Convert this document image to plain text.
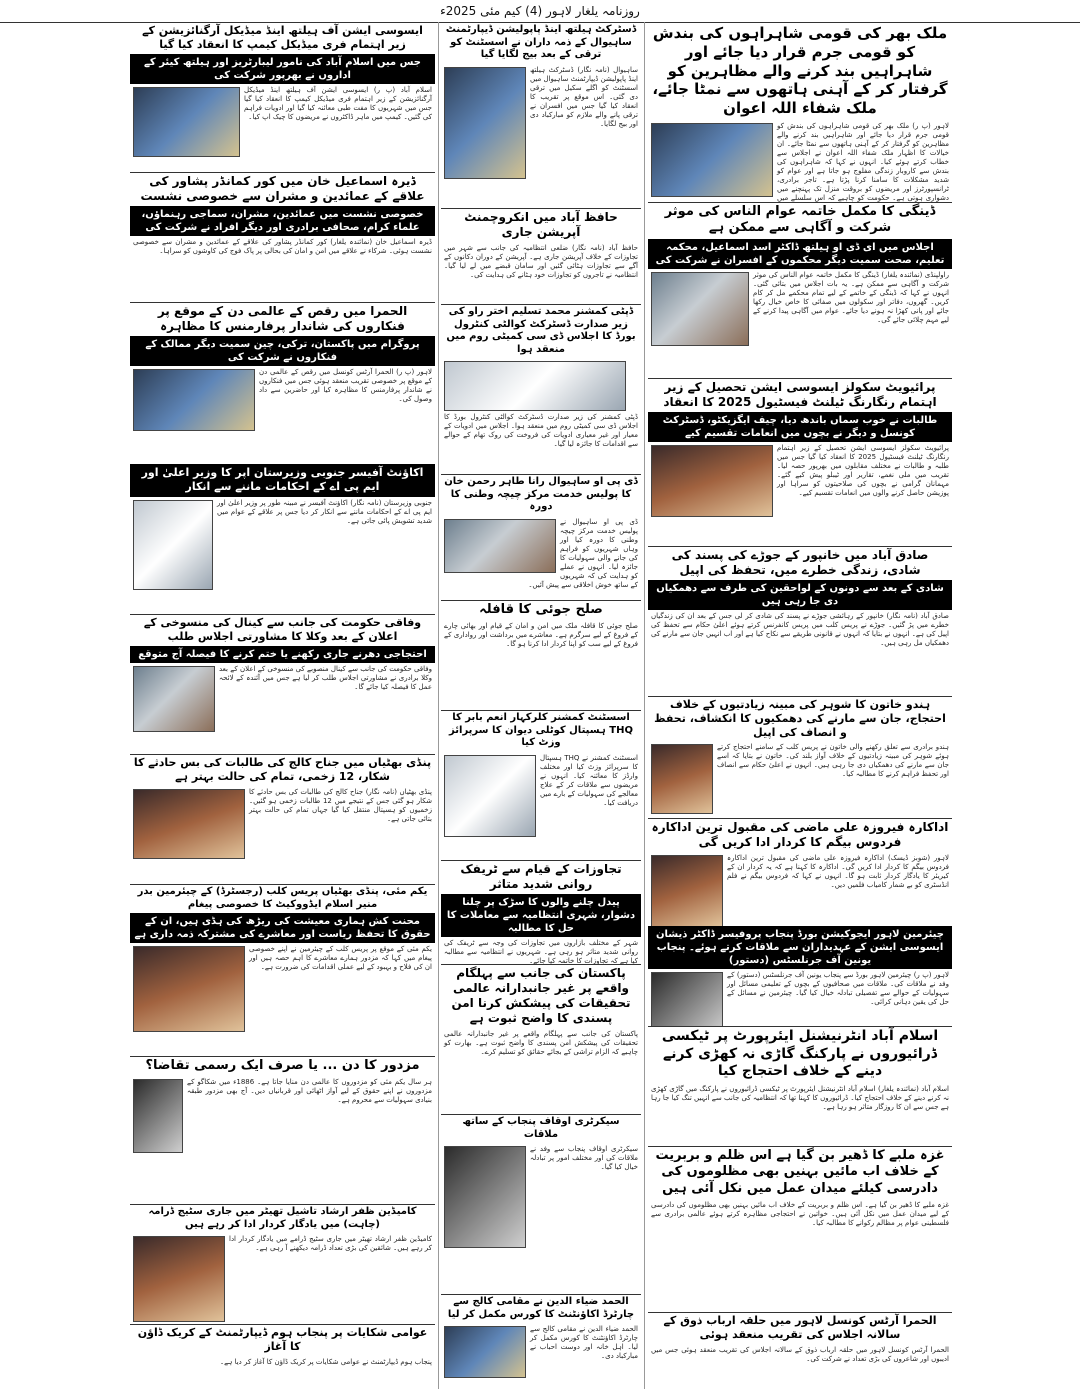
روزنامہ یلغار لاہور (4) کیم مئی 2025ء
ملک بھر کی قومی شاہراہوں کی بندش کو قومی جرم قرار دیا جائے اور شاہراہیں بند کرنے والے مظاہرین کو گرفتار کر کے آہنی ہاتھوں سے نمٹا جائے، ملک شفاء اللہ اعوان
لاہور (پ ر) ملک بھر کی قومی شاہراہوں کی بندش کو قومی جرم قرار دیا جائے اور شاہراہیں بند کرنے والے مظاہرین کو گرفتار کر کے آہنی ہاتھوں سے نمٹا جائے۔ ان خیالات کا اظہار ملک شفاء اللہ اعوان نے اجلاس سے خطاب کرتے ہوئے کیا۔ انہوں نے کہا کہ شاہراہوں کی بندش سے کاروبار زندگی مفلوج ہو جاتا ہے اور عوام کو شدید مشکلات کا سامنا کرنا پڑتا ہے۔ تاجر برادری، ٹرانسپورٹرز اور مریضوں کو بروقت منزل تک پہنچنے میں دشواری ہوتی ہے۔ حکومت کو چاہیے کہ اس سلسلے میں
ڈینگی کا مکمل خاتمہ عوام الناس کی موثر شرکت و آگاہی سے ممکن ہے
اجلاس میں ای ڈی او ہیلتھ ڈاکٹر اسد اسماعیل، محکمہ تعلیم، صحت سمیت دیگر محکموں کے افسران نے شرکت کی
راولپنڈی (نمائندہ یلغار) ڈینگی کا مکمل خاتمہ عوام الناس کی موثر شرکت و آگاہی سے ممکن ہے۔ یہ بات اجلاس میں بتائی گئی۔ انہوں نے کہا کہ ڈینگی کے خاتمے کے لیے تمام محکمے مل کر کام کریں۔ گھروں، دفاتر اور سکولوں میں صفائی کا خاص خیال رکھا جائے اور پانی کھڑا نہ ہونے دیا جائے۔ عوام میں آگاہی پیدا کرنے کے لیے مہم چلائی جائے گی۔
پرائیویٹ سکولز ایسوسی ایشن تحصیل کے زیر اہتمام رنگارنگ ٹیلنٹ فیسٹیول 2025 کا انعقاد
طالبات نے خوب سماں باندھ دیا، چیف ایگزیکٹو، ڈسٹرکٹ کونسل و دیگر نے بچوں میں انعامات تقسیم کیے
پرائیویٹ سکولز ایسوسی ایشن تحصیل کے زیر اہتمام رنگارنگ ٹیلنٹ فیسٹیول 2025 کا انعقاد کیا گیا جس میں طلبہ و طالبات نے مختلف مقابلوں میں بھرپور حصہ لیا۔ تقریب میں ملی نغمے، تقاریر اور ٹیبلو پیش کیے گئے۔ مہمانان گرامی نے بچوں کی صلاحیتوں کو سراہا اور پوزیشن حاصل کرنے والوں میں انعامات تقسیم کیے۔
صادق آباد میں خانپور کے جوڑے کی پسند کی شادی، زندگی خطرے میں، تحفظ کی اپیل
شادی کے بعد سے دونوں کے لواحقین کی طرف سے دھمکیاں دی جا رہی ہیں
صادق آباد (نامہ نگار) خانپور کے رہائشی جوڑے نے پسند کی شادی کر لی جس کے بعد ان کی زندگیاں خطرے میں پڑ گئیں۔ جوڑے نے پریس کلب میں پریس کانفرنس کرتے ہوئے اعلیٰ حکام سے تحفظ کی اپیل کی ہے۔ انہوں نے بتایا کہ انہوں نے قانونی طریقے سے نکاح کیا ہے اور اب انہیں جان سے مارنے کی دھمکیاں مل رہی ہیں۔
ہندو خاتون کا شوہر کی مبینہ زیادتیوں کے خلاف احتجاج، جان سے مارنے کی دھمکیوں کا انکشاف، تحفظ و انصاف کی اپیل
ہندو برادری سے تعلق رکھنے والی خاتون نے پریس کلب کے سامنے احتجاج کرتے ہوئے شوہر کی مبینہ زیادتیوں کے خلاف آواز بلند کی۔ خاتون نے بتایا کہ اسے جان سے مارنے کی دھمکیاں دی جا رہی ہیں۔ انہوں نے اعلیٰ حکام سے انصاف اور تحفظ فراہم کرنے کا مطالبہ کیا۔
اداکارہ فیروزہ علی ماضی کی مقبول ترین اداکارہ فردوس بیگم کا کردار ادا کریں گی
لاہور (شوبز ڈیسک) اداکارہ فیروزہ علی ماضی کی مقبول ترین اداکارہ فردوس بیگم کا کردار ادا کریں گی۔ اداکارہ کا کہنا ہے کہ یہ کردار ان کے کیریئر کا یادگار کردار ثابت ہو گا۔ انہوں نے کہا کہ فردوس بیگم نے فلم انڈسٹری کو بے شمار کامیاب فلمیں دیں۔
چیئرمین لاہور ایجوکیشن بورڈ پنجاب پروفیسر ڈاکٹر ذیشان ایسوسی ایشن کے عہدیداران سے ملاقات کرتے ہوئے۔ پنجاب یونین آف جرنلسٹس (دستور)
لاہور (پ ر) چیئرمین لاہور بورڈ سے پنجاب یونین آف جرنلسٹس (دستور) کے وفد نے ملاقات کی۔ ملاقات میں صحافیوں کے بچوں کے تعلیمی مسائل اور سہولیات کے حوالے سے تفصیلی تبادلہ خیال کیا گیا۔ چیئرمین نے مسائل کے حل کی یقین دہانی کرائی۔
اسلام آباد انٹرنیشنل ایئرپورٹ پر ٹیکسی ڈرائیوروں نے پارکنگ گاڑی نہ کھڑی کرنے دینے کے خلاف احتجاج کیا
اسلام آباد (نمائندہ یلغار) اسلام آباد انٹرنیشنل ایئرپورٹ پر ٹیکسی ڈرائیوروں نے پارکنگ میں گاڑی کھڑی نہ کرنے دینے کے خلاف احتجاج کیا۔ ڈرائیوروں کا کہنا تھا کہ انتظامیہ کی جانب سے انہیں تنگ کیا جا رہا ہے جس سے ان کا روزگار متاثر ہو رہا ہے۔
غزہ ملبے کا ڈھیر بن گیا ہے اس ظلم و بربریت کے خلاف اب مائیں بہنیں بھی مظلوموں کی دادرسی کیلئے میدان عمل میں نکل آئی ہیں
غزہ ملبے کا ڈھیر بن گیا ہے۔ اس ظلم و بربریت کے خلاف اب مائیں بہنیں بھی مظلوموں کی دادرسی کے لیے میدان عمل میں نکل آئی ہیں۔ خواتین نے احتجاجی مظاہرہ کرتے ہوئے عالمی برادری سے فلسطینی عوام پر مظالم رکوانے کا مطالبہ کیا۔
الحمرا آرٹس کونسل لاہور میں حلقہ ارباب ذوق کے سالانہ اجلاس کی تقریب منعقد ہوئی
الحمرا آرٹس کونسل لاہور میں حلقہ ارباب ذوق کے سالانہ اجلاس کی تقریب منعقد ہوئی جس میں ادیبوں اور شاعروں کی بڑی تعداد نے شرکت کی۔
ڈسٹرکٹ ہیلتھ اینڈ پاپولیشن ڈیپارٹمنٹ ساہیوال کے ذمہ داران نے اسسٹنٹ کو ترقی کے بعد بیج لگایا گیا
ساہیوال (نامہ نگار) ڈسٹرکٹ ہیلتھ اینڈ پاپولیشن ڈیپارٹمنٹ ساہیوال میں اسسٹنٹ کو اگلے سکیل میں ترقی دی گئی۔ اس موقع پر تقریب کا انعقاد کیا گیا جس میں افسران نے ترقی پانے والے ملازم کو مبارکباد دی اور بیج لگایا۔
حافظ آباد میں انکروچمنٹ آپریشن جاری
حافظ آباد (نامہ نگار) ضلعی انتظامیہ کی جانب سے شہر میں تجاوزات کے خلاف آپریشن جاری ہے۔ آپریشن کے دوران دکانوں کے آگے سے تجاوزات ہٹائی گئیں اور سامان قبضے میں لے لیا گیا۔ انتظامیہ نے تاجروں کو تجاوزات خود ہٹانے کی ہدایت کی۔
ڈپٹی کمشنر محمد تسلیم اختر راو کی زیر صدارت ڈسٹرکٹ کوالٹی کنٹرول بورڈ کا اجلاس ڈی سی کمیٹی روم میں منعقد ہوا
ڈپٹی کمشنر کی زیر صدارت ڈسٹرکٹ کوالٹی کنٹرول بورڈ کا اجلاس ڈی سی کمیٹی روم میں منعقد ہوا۔ اجلاس میں ادویات کے معیار اور غیر معیاری ادویات کی فروخت کی روک تھام کے حوالے سے اقدامات کا جائزہ لیا گیا۔
ڈی پی او ساہیوال رانا طاہر رحمن خان کا پولیس خدمت مرکز چیچہ وطنی کا دورہ
ڈی پی او ساہیوال نے پولیس خدمت مرکز چیچہ وطنی کا دورہ کیا اور وہاں شہریوں کو فراہم کی جانے والی سہولیات کا جائزہ لیا۔ انہوں نے عملے کو ہدایت کی کہ شہریوں کے ساتھ خوش اخلاقی سے پیش آئیں۔
صلح جوئی کا قافلہ
صلح جوئی کا قافلہ ملک میں امن و امان کے قیام اور بھائی چارے کے فروغ کے لیے سرگرم ہے۔ معاشرے میں برداشت اور رواداری کے فروغ کے لیے سب کو اپنا کردار ادا کرنا ہو گا۔
اسسٹنٹ کمشنر کلرکہار انعم بابر کا THQ ہسپتال کوٹلی دیوان کا سرپرائز وزٹ کیا
اسسٹنٹ کمشنر نے THQ ہسپتال کا سرپرائز وزٹ کیا اور مختلف وارڈز کا معائنہ کیا۔ انہوں نے مریضوں سے ملاقات کر کے علاج معالجے کی سہولیات کے بارے میں دریافت کیا۔
تجاوزات کے قیام سے ٹریفک روانی شدید متاثر
پیدل چلنے والوں کا سڑک پر چلنا دشوار، شہری انتظامیہ سے معاملات کا حل کا مطالبہ
شہر کے مختلف بازاروں میں تجاوزات کی وجہ سے ٹریفک کی روانی شدید متاثر ہو رہی ہے۔ شہریوں نے انتظامیہ سے مطالبہ کیا ہے کہ تجاوزات کا خاتمہ کیا جائے۔
پاکستان کی جانب سے پہلگام واقعے پر غیر جانبدارانہ عالمی تحقیقات کی پیشکش کرنا امن پسندی کا واضح ثبوت ہے
پاکستان کی جانب سے پہلگام واقعے پر غیر جانبدارانہ عالمی تحقیقات کی پیشکش امن پسندی کا واضح ثبوت ہے۔ بھارت کو چاہیے کہ الزام تراشی کے بجائے حقائق کو تسلیم کرے۔
سیکرٹری اوقاف پنجاب کے ساتھ ملاقات
سیکرٹری اوقاف پنجاب سے وفد نے ملاقات کی اور مختلف امور پر تبادلہ خیال کیا گیا۔
الحمد ضیاء الدین نے مقامی کالج سے چارٹرڈ اکاؤنٹنٹ کا کورس مکمل کر لیا
الحمد ضیاء الدین نے مقامی کالج سے چارٹرڈ اکاؤنٹنٹ کا کورس مکمل کر لیا۔ اہل خانہ اور دوست احباب نے مبارکباد دی۔
ایسوسی ایشن آف ہیلتھ اینڈ میڈیکل آرگنائزیشن کے زیر اہتمام فری میڈیکل کیمپ کا انعقاد کیا گیا
جس میں اسلام آباد کی نامور لیبارٹریز اور ہیلتھ کیئر کے اداروں نے بھرپور شرکت کی
اسلام آباد (پ ر) ایسوسی ایشن آف ہیلتھ اینڈ میڈیکل آرگنائزیشن کے زیر اہتمام فری میڈیکل کیمپ کا انعقاد کیا گیا جس میں شہریوں کا مفت طبی معائنہ کیا گیا اور ادویات فراہم کی گئیں۔ کیمپ میں ماہر ڈاکٹروں نے مریضوں کا چیک اپ کیا۔
ڈیرہ اسماعیل خان میں کور کمانڈر پشاور کی علاقے کے عمائدین و مشران سے خصوصی نشست
خصوصی نشست میں عمائدین، مشران، سماجی رہنماؤں، علماء کرام، صحافی برادری اور دیگر افراد نے شرکت کی
ڈیرہ اسماعیل خان (نمائندہ یلغار) کور کمانڈر پشاور کی علاقے کے عمائدین و مشران سے خصوصی نشست ہوئی۔ شرکاء نے علاقے میں امن و امان کی بحالی پر پاک فوج کی کاوشوں کو سراہا۔
الحمرا میں رقص کے عالمی دن کے موقع پر فنکاروں کی شاندار پرفارمنس کا مظاہرہ
پروگرام میں پاکستان، ترکی، چین سمیت دیگر ممالک کے فنکاروں نے شرکت کی
لاہور (پ ر) الحمرا آرٹس کونسل میں رقص کے عالمی دن کے موقع پر خصوصی تقریب منعقد ہوئی جس میں فنکاروں نے شاندار پرفارمنس کا مظاہرہ کیا اور حاضرین سے داد وصول کی۔
اکاؤنٹ آفیسر جنوبی وزیرستان اپر کا وزیر اعلیٰ اور ایم پی اے کے احکامات ماننے سے انکار
جنوبی وزیرستان (نامہ نگار) اکاؤنٹ آفیسر نے مبینہ طور پر وزیر اعلیٰ اور ایم پی اے کے احکامات ماننے سے انکار کر دیا جس پر علاقے کے عوام میں شدید تشویش پائی جاتی ہے۔
وفاقی حکومت کی جانب سے کینال کی منسوخی کے اعلان کے بعد وکلا کا مشاورتی اجلاس طلب
احتجاجی دھرنے جاری رکھنے یا ختم کرنے کا فیصلہ آج متوقع
وفاقی حکومت کی جانب سے کینال منصوبے کی منسوخی کے اعلان کے بعد وکلا برادری نے مشاورتی اجلاس طلب کر لیا ہے جس میں آئندہ کے لائحہ عمل کا فیصلہ کیا جائے گا۔
پنڈی بھٹیاں میں جناح کالج کی طالبات کی بس حادثے کا شکار، 12 زخمی، تمام کی حالت بہتر ہے
پنڈی بھٹیاں (نامہ نگار) جناح کالج کی طالبات کی بس حادثے کا شکار ہو گئی جس کے نتیجے میں 12 طالبات زخمی ہو گئیں۔ زخمیوں کو ہسپتال منتقل کیا گیا جہاں تمام کی حالت بہتر بتائی جاتی ہے۔
یکم مئی، پنڈی بھٹیاں پریس کلب (رجسٹرڈ) کے چیئرمین بدر منیر اسلام ایڈووکیٹ کا خصوصی پیغام
محنت کش ہماری معیشت کی ریڑھ کی ہڈی ہیں، ان کے حقوق کا تحفظ ریاست اور معاشرے کی مشترکہ ذمہ داری ہے
یکم مئی کے موقع پر پریس کلب کے چیئرمین نے اپنے خصوصی پیغام میں کہا کہ مزدور ہمارے معاشرے کا اہم حصہ ہیں اور ان کی فلاح و بہبود کے لیے عملی اقدامات کی ضرورت ہے۔
مزدور کا دن ... یا صرف ایک رسمی تقاضا؟
ہر سال یکم مئی کو مزدوروں کا عالمی دن منایا جاتا ہے۔ 1886ء میں شکاگو کے مزدوروں نے اپنے حقوق کے لیے آواز اٹھائی اور قربانیاں دیں۔ آج بھی مزدور طبقہ بنیادی سہولیات سے محروم ہے۔
کامیڈین ظفر ارشاد تاشیل تھیٹر میں جاری سٹیج ڈرامہ (چاہت) میں یادگار کردار ادا کر رہے ہیں
کامیڈین ظفر ارشاد تھیٹر میں جاری سٹیج ڈرامے میں یادگار کردار ادا کر رہے ہیں۔ شائقین کی بڑی تعداد ڈرامہ دیکھنے آ رہی ہے۔
عوامی شکایات پر پنجاب ہوم ڈیپارٹمنٹ کے کریک ڈاؤن کا آغاز
پنجاب ہوم ڈیپارٹمنٹ نے عوامی شکایات پر کریک ڈاؤن کا آغاز کر دیا ہے۔
